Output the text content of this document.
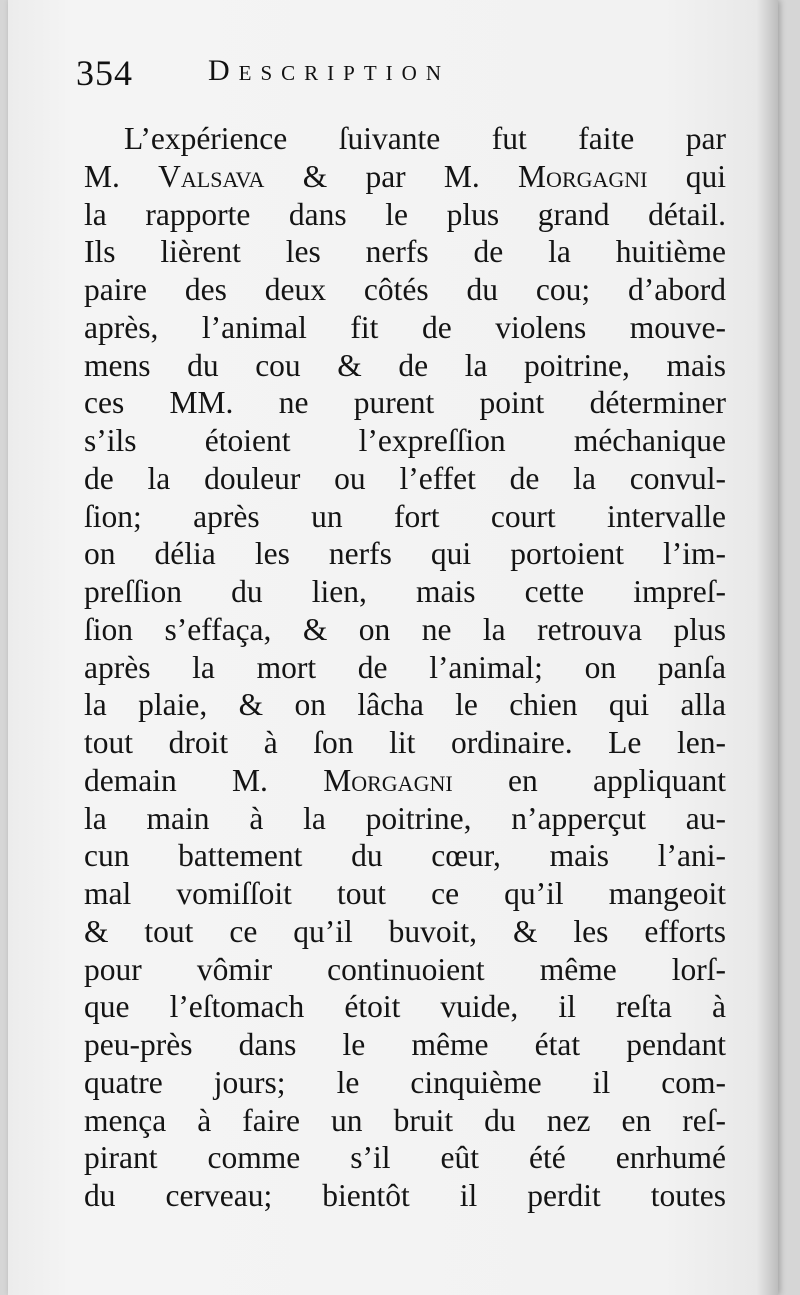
354	Description
L’expérience ſuivante fut faite par
M. Valsava & par M. Morgagni qui
la rapporte dans le plus grand détail.
Ils lièrent les nerfs de la huitième
paire des deux côtés du cou; d’abord
après, l’animal fit de violens mouve-
mens du cou & de la poitrine, mais
ces MM. ne purent point déterminer
s’ils étoient l’expreſſion méchanique
de la douleur ou l’effet de la convul-
ſion; après un fort court intervalle
on délia les nerfs qui portoient l’im-
preſſion du lien, mais cette impreſ-
ſion s’effaça, & on ne la retrouva plus
après la mort de l’animal; on panſa
la plaie, & on lâcha le chien qui alla
tout droit à ſon lit ordinaire. Le len-
demain M. Morgagni en appliquant
la main à la poitrine, n’apperçut au-
cun battement du cœur, mais l’ani-
mal vomiſſoit tout ce qu’il mangeoit
& tout ce qu’il buvoit, & les efforts
pour vômir continuoient même lorſ-
que l’eſtomach étoit vuide, il reſta à
peu-près dans le même état pendant
quatre jours; le cinquième il com-
mença à faire un bruit du nez en reſ-
pirant comme s’il eût été enrhumé
du cerveau; bientôt il perdit toutes
